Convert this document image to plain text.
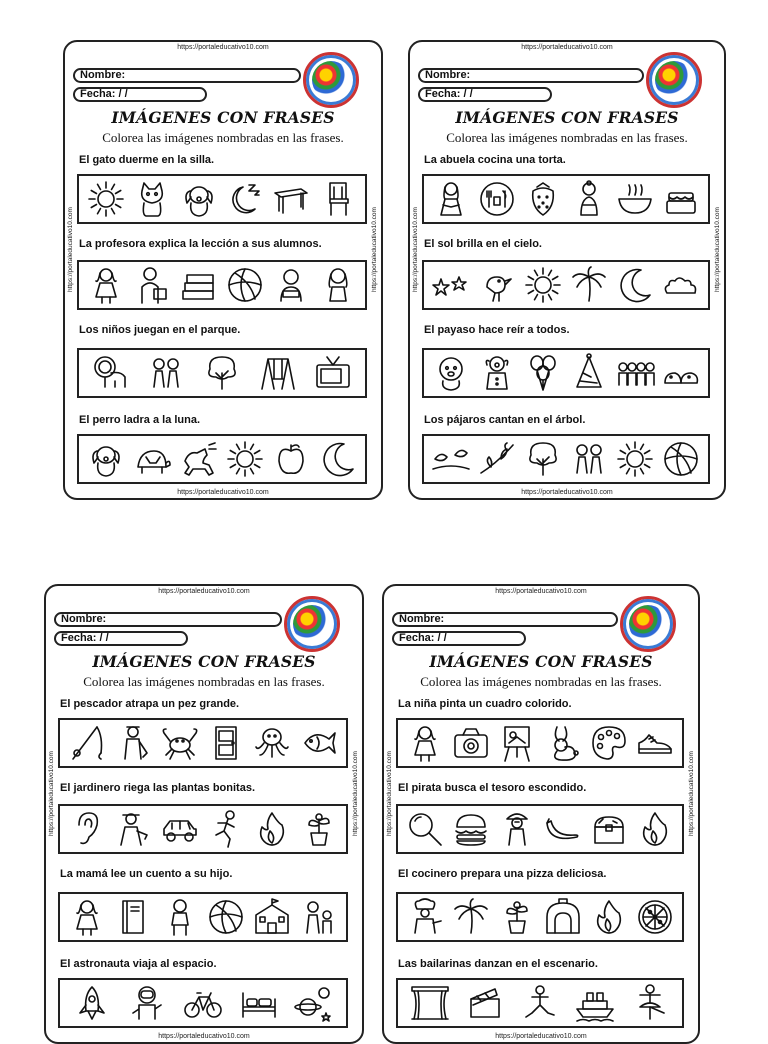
https://portaleducativo10.com
https://portaleducativo10.com
https://portaleducativo10.com	https://portaleducativo10.com
Nombre:
Fecha: / /
IMÁGENES CON FRASES
Colorea las imágenes nombradas en las frases.
El gato duerme en la silla.
La profesora explica la lección a sus alumnos.
Los niños juegan en el parque.
El perro ladra a la luna.
https://portaleducativo10.com
https://portaleducativo10.com
https://portaleducativo10.com	https://portaleducativo10.com
Nombre:
Fecha: / /
IMÁGENES CON FRASES
Colorea las imágenes nombradas en las frases.
La abuela cocina una torta.
El sol brilla en el cielo.
El payaso hace reír a todos.
Los pájaros cantan en el árbol.
https://portaleducativo10.com
https://portaleducativo10.com
https://portaleducativo10.com	https://portaleducativo10.com
Nombre:
Fecha: / /
IMÁGENES CON FRASES
Colorea las imágenes nombradas en las frases.
El pescador atrapa un pez grande.
El jardinero riega las plantas bonitas.
La mamá lee un cuento a su hijo.
El astronauta viaja al espacio.
https://portaleducativo10.com
https://portaleducativo10.com
https://portaleducativo10.com	https://portaleducativo10.com
Nombre:
Fecha: / /
IMÁGENES CON FRASES
Colorea las imágenes nombradas en las frases.
La niña pinta un cuadro colorido.
El pirata busca el tesoro escondido.
El cocinero prepara una pizza deliciosa.
Las bailarinas danzan en el escenario.
